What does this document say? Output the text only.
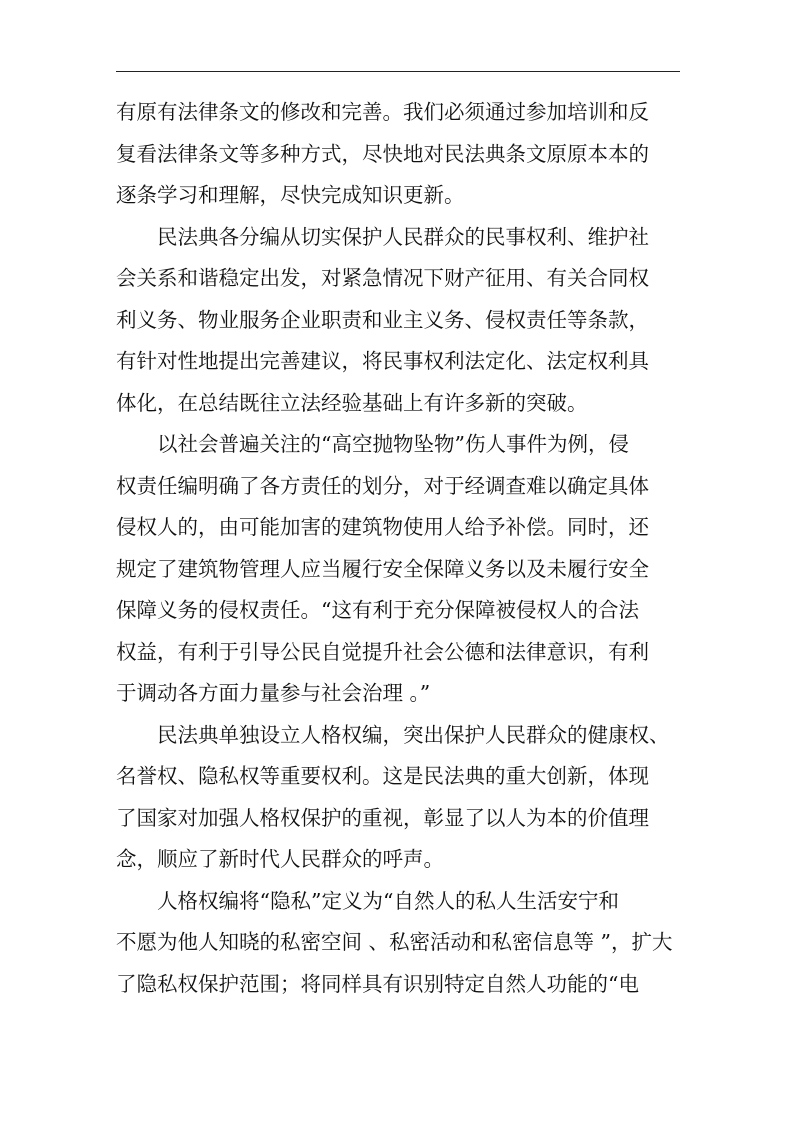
有原有法律条文的修改和完善。我们必须通过参加培训和反
复看法律条文等多种方式，尽快地对民法典条文原原本本的
逐条学习和理解，尽快完成知识更新。
　　民法典各分编从切实保护人民群众的民事权利、维护社
会关系和谐稳定出发，对紧急情况下财产征用、有关合同权
利义务、物业服务企业职责和业主义务、侵权责任等条款，
有针对性地提出完善建议，将民事权利法定化、法定权利具
体化，在总结既往立法经验基础上有许多新的突破。
　　以社会普遍关注的“高空抛物坠物”伤人事件为例，侵
权责任编明确了各方责任的划分，对于经调查难以确定具体
侵权人的，由可能加害的建筑物使用人给予补偿。同时，还
规定了建筑物管理人应当履行安全保障义务以及未履行安全
保障义务的侵权责任。“这有利于充分保障被侵权人的合法
权益，有利于引导公民自觉提升社会公德和法律意识，有利
于调动各方面力量参与社会治理 。”
　　民法典单独设立人格权编，突出保护人民群众的健康权、
名誉权、隐私权等重要权利。这是民法典的重大创新，体现
了国家对加强人格权保护的重视，彰显了以人为本的价值理
念，顺应了新时代人民群众的呼声。
　　人格权编将“隐私”定义为“自然人的私人生活安宁和
不愿为他人知晓的私密空间 、私密活动和私密信息等 ”，扩大
了隐私权保护范围；将同样具有识别特定自然人功能的“电
